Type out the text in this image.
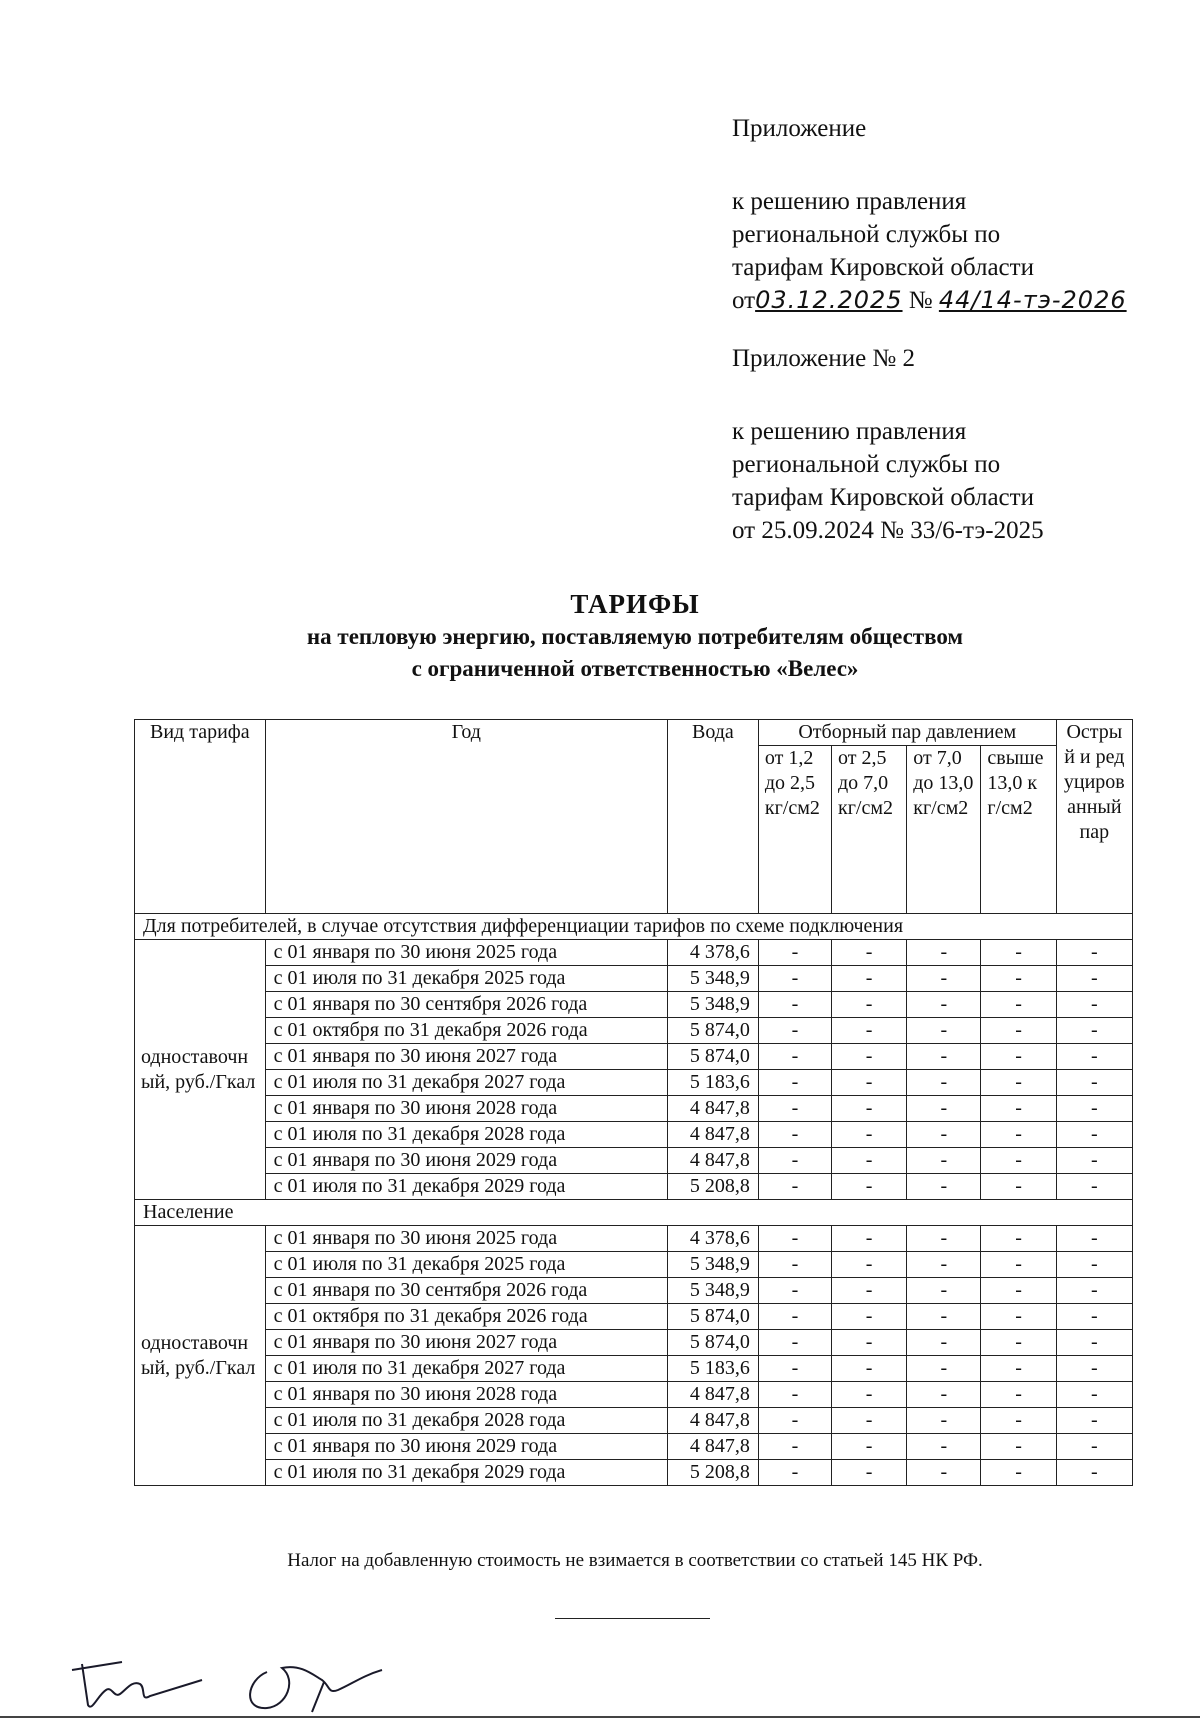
Приложение
к решению правления
региональной службы по
тарифам Кировской области
от03.12.2025 № 44/14-тэ-2026
Приложение № 2
к решению правления
региональной службы по
тарифам Кировской области
от 25.09.2024 № 33/6-тэ-2025
ТАРИФЫ
на тепловую энергию, поставляемую потребителям обществом
с ограниченной ответственностью «Велес»
Вид тарифа	Год	Вода	Отборный пар давлением				Острый и редуцированный пар
			от 1,2 до 2,5 кг/см2	от 2,5 до 7,0 кг/см2	от 7,0 до 13,0 кг/см2	свыше 13,0 кг/см2	
Для потребителей, в случае отсутствия дифференциации тарифов по схеме подключения							
одноставочный, руб./Гкал	с 01 января по 30 июня 2025 года	4 378,6	-	-	-	-	-
	с 01 июля по 31 декабря 2025 года	5 348,9	-	-	-	-	-
	с 01 января по 30 сентября 2026 года	5 348,9	-	-	-	-	-
	с 01 октября по 31 декабря 2026 года	5 874,0	-	-	-	-	-
	с 01 января по 30 июня 2027 года	5 874,0	-	-	-	-	-
	с 01 июля по 31 декабря 2027 года	5 183,6	-	-	-	-	-
	с 01 января по 30 июня 2028 года	4 847,8	-	-	-	-	-
	с 01 июля по 31 декабря 2028 года	4 847,8	-	-	-	-	-
	с 01 января по 30 июня 2029 года	4 847,8	-	-	-	-	-
	с 01 июля по 31 декабря 2029 года	5 208,8	-	-	-	-	-
Население							
одноставочный, руб./Гкал	с 01 января по 30 июня 2025 года	4 378,6	-	-	-	-	-
	с 01 июля по 31 декабря 2025 года	5 348,9	-	-	-	-	-
	с 01 января по 30 сентября 2026 года	5 348,9	-	-	-	-	-
	с 01 октября по 31 декабря 2026 года	5 874,0	-	-	-	-	-
	с 01 января по 30 июня 2027 года	5 874,0	-	-	-	-	-
	с 01 июля по 31 декабря 2027 года	5 183,6	-	-	-	-	-
	с 01 января по 30 июня 2028 года	4 847,8	-	-	-	-	-
	с 01 июля по 31 декабря 2028 года	4 847,8	-	-	-	-	-
	с 01 января по 30 июня 2029 года	4 847,8	-	-	-	-	-
	с 01 июля по 31 декабря 2029 года	5 208,8	-	-	-	-	-
Налог на добавленную стоимость не взимается в соответствии со статьей 145 НК РФ.
